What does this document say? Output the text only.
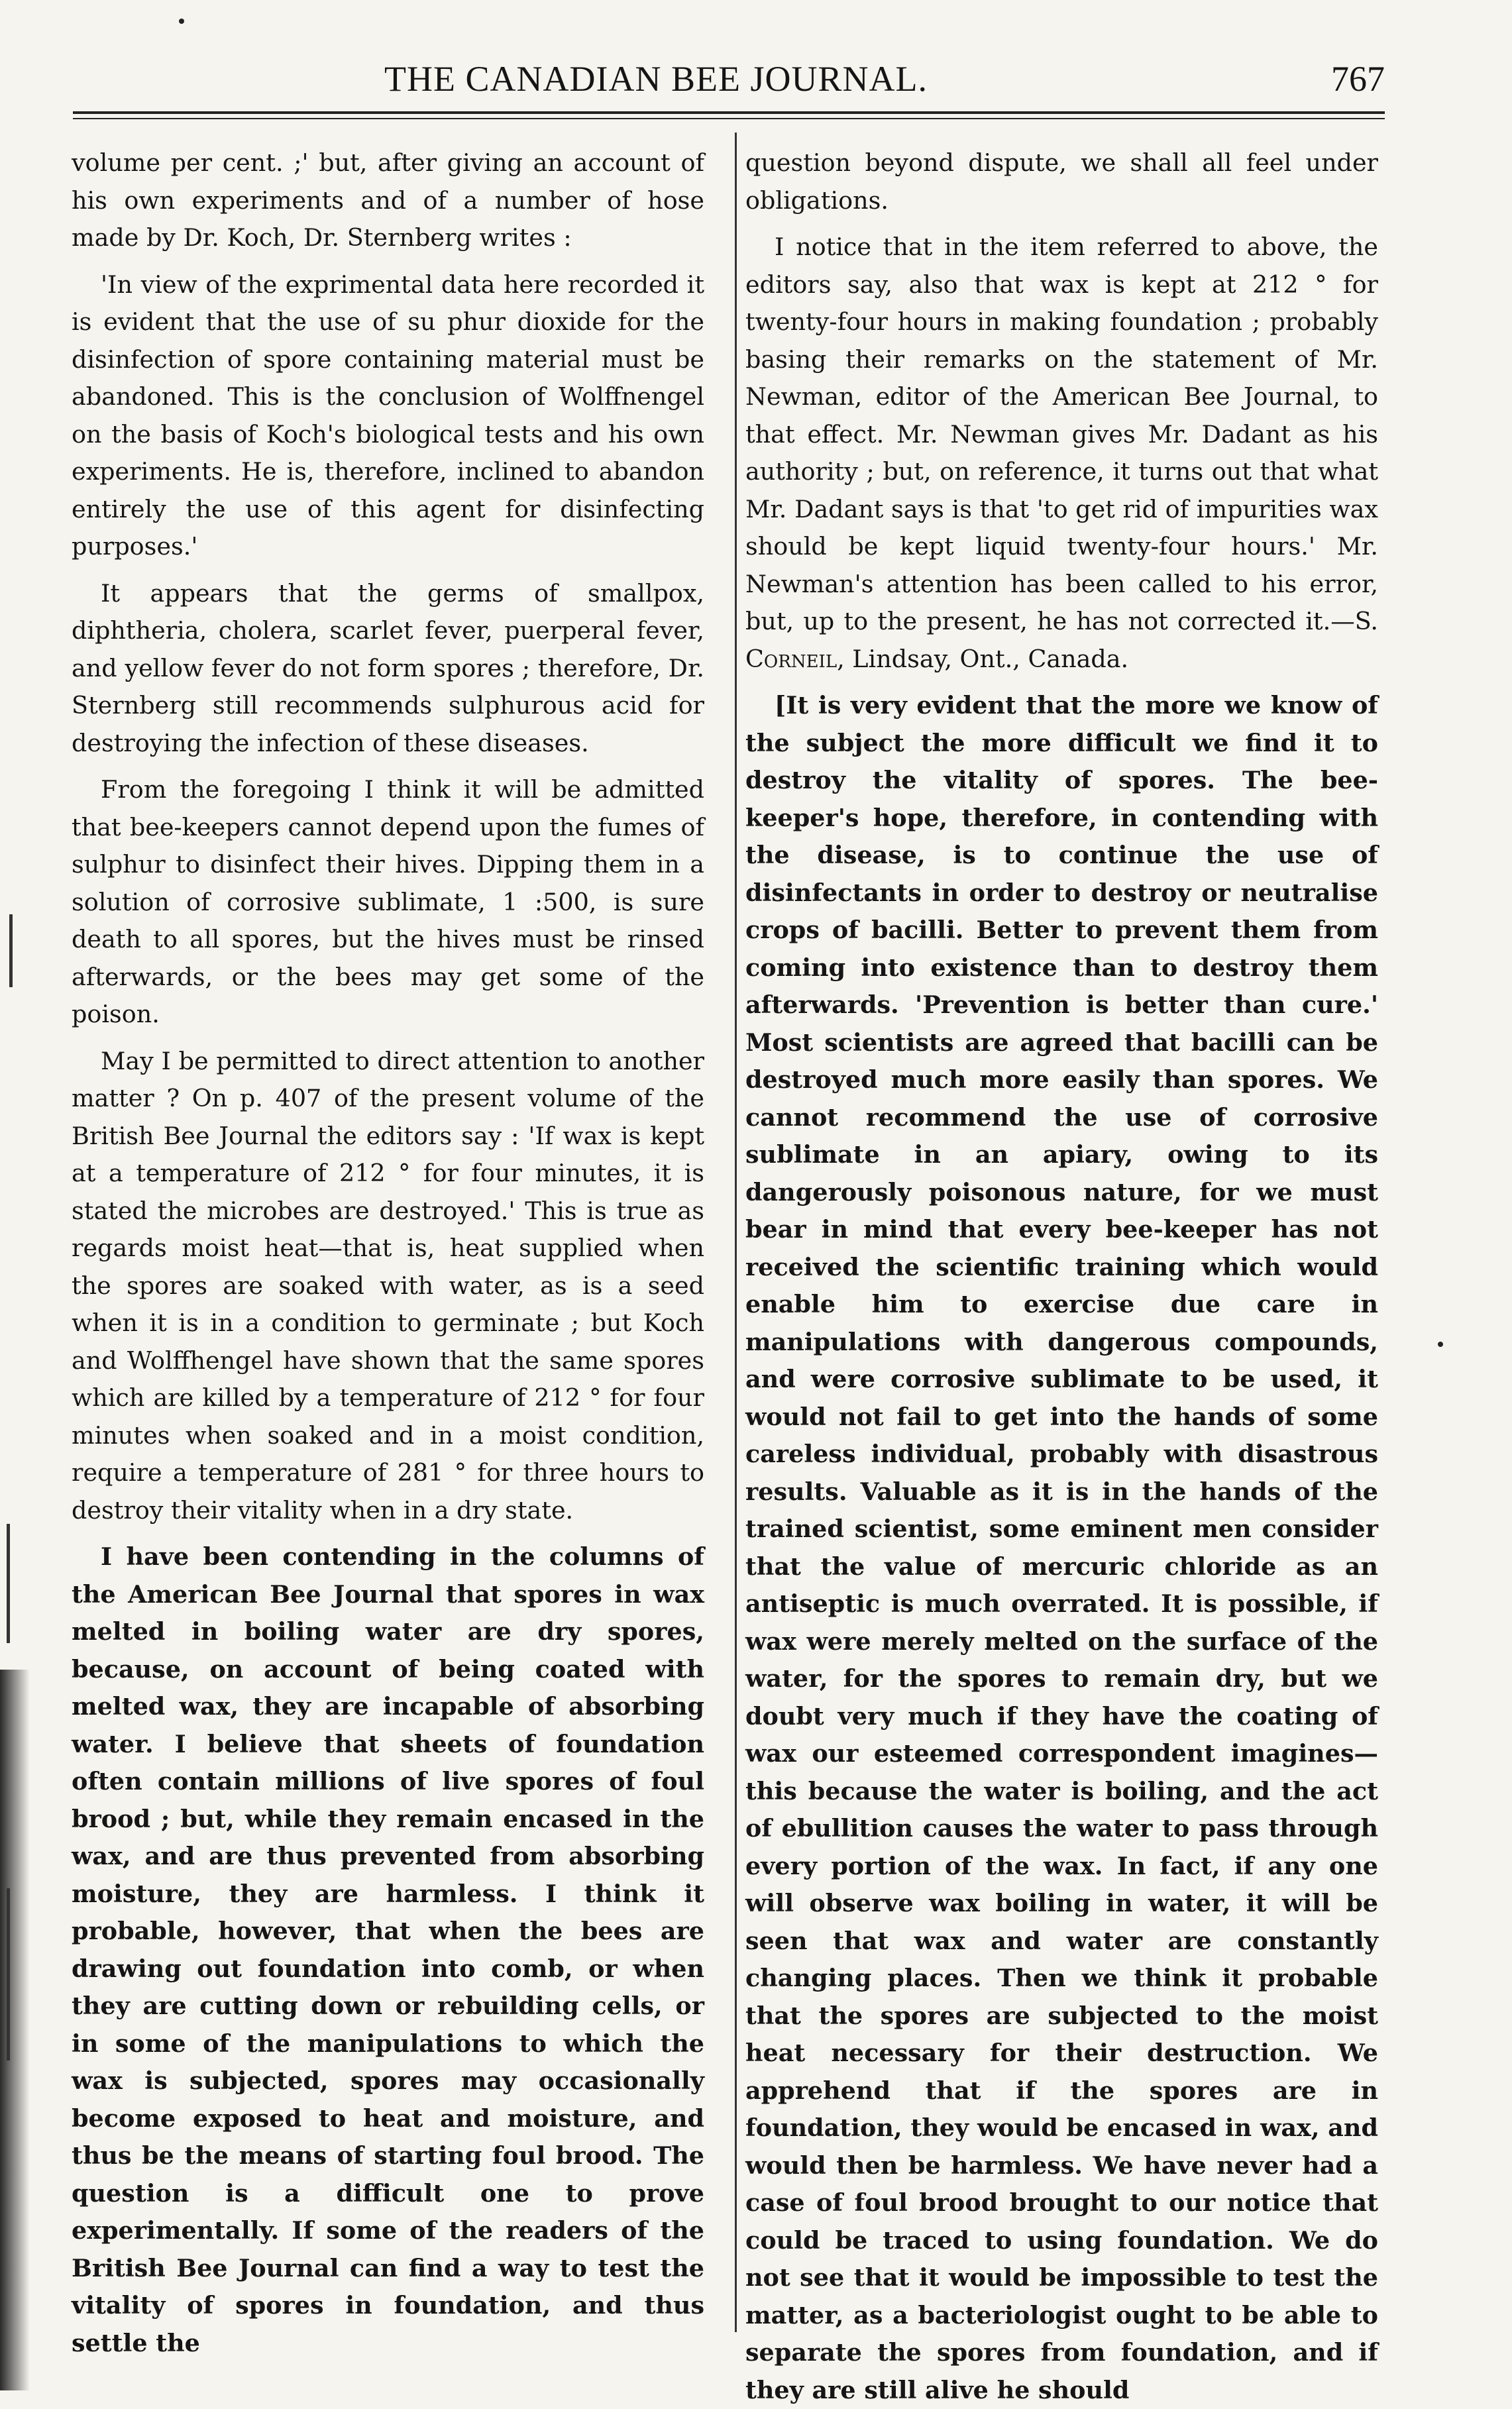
THE CANADIAN BEE JOURNAL.	767

volume per cent. ;' but, after giving an account of his own experiments and of a number of hose made by Dr. Koch, Dr. Sternberg writes :

'In view of the exprimental data here recorded it is evident that the use of su phur dioxide for the disinfection of spore containing material must be abandoned. This is the conclusion of Wolffnengel on the basis of Koch's biological tests and his own experiments. He is, therefore, inclined to abandon entirely the use of this agent for disinfecting purposes.'

It appears that the germs of smallpox, diphtheria, cholera, scarlet fever, puerperal fever, and yellow fever do not form spores ; therefore, Dr. Sternberg still recommends sulphurous acid for destroying the infection of these diseases.

From the foregoing I think it will be admitted that bee-keepers cannot depend upon the fumes of sulphur to disinfect their hives. Dipping them in a solution of corrosive sublimate, 1 :500, is sure death to all spores, but the hives must be rinsed afterwards, or the bees may get some of the poison.

May I be permitted to direct attention to another matter ? On p. 407 of the present volume of the British Bee Journal the editors say : 'If wax is kept at a temperature of 212 ° for four minutes, it is stated the microbes are destroyed.' This is true as regards moist heat—that is, heat supplied when the spores are soaked with water, as is a seed when it is in a condition to germinate ; but Koch and Wolffhengel have shown that the same spores which are killed by a temperature of 212 ° for four minutes when soaked and in a moist condition, require a temperature of 281 ° for three hours to destroy their vitality when in a dry state.

I have been contending in the columns of the American Bee Journal that spores in wax melted in boiling water are dry spores, because, on account of being coated with melted wax, they are incapable of absorbing water. I believe that sheets of foundation often contain millions of live spores of foul brood ; but, while they remain encased in the wax, and are thus prevented from absorbing moisture, they are harmless. I think it probable, however, that when the bees are drawing out foundation into comb, or when they are cutting down or rebuilding cells, or in some of the manipulations to which the wax is subjected, spores may occasionally become exposed to heat and moisture, and thus be the means of starting foul brood. The question is a difficult one to prove experimentally. If some of the readers of the British Bee Journal can find a way to test the vitality of spores in foundation, and thus settle the

question beyond dispute, we shall all feel under obligations.

I notice that in the item referred to above, the editors say, also that wax is kept at 212 ° for twenty-four hours in making foundation ; probably basing their remarks on the statement of Mr. Newman, editor of the American Bee Journal, to that effect. Mr. Newman gives Mr. Dadant as his authority ; but, on reference, it turns out that what Mr. Dadant says is that 'to get rid of impurities wax should be kept liquid twenty-four hours.' Mr. Newman's attention has been called to his error, but, up to the present, he has not corrected it.—S. Corneil, Lindsay, Ont., Canada.

[It is very evident that the more we know of the subject the more difficult we find it to destroy the vitality of spores. The bee-keeper's hope, therefore, in contending with the disease, is to continue the use of disinfectants in order to destroy or neutralise crops of bacilli. Better to prevent them from coming into existence than to destroy them afterwards. 'Prevention is better than cure.' Most scientists are agreed that bacilli can be destroyed much more easily than spores. We cannot recommend the use of corrosive sublimate in an apiary, owing to its dangerously poisonous nature, for we must bear in mind that every bee-keeper has not received the scientific training which would enable him to exercise due care in manipulations with dangerous compounds, and were corrosive sublimate to be used, it would not fail to get into the hands of some careless individual, probably with disastrous results. Valuable as it is in the hands of the trained scientist, some eminent men consider that the value of mercuric chloride as an antiseptic is much overrated. It is possible, if wax were merely melted on the surface of the water, for the spores to remain dry, but we doubt very much if they have the coating of wax our esteemed correspondent imagines—this because the water is boiling, and the act of ebullition causes the water to pass through every portion of the wax. In fact, if any one will observe wax boiling in water, it will be seen that wax and water are constantly changing places. Then we think it probable that the spores are subjected to the moist heat necessary for their destruction. We apprehend that if the spores are in foundation, they would be encased in wax, and would then be harmless. We have never had a case of foul brood brought to our notice that could be traced to using foundation. We do not see that it would be impossible to test the matter, as a bacteriologist ought to be able to separate the spores from foundation, and if they are still alive he should
